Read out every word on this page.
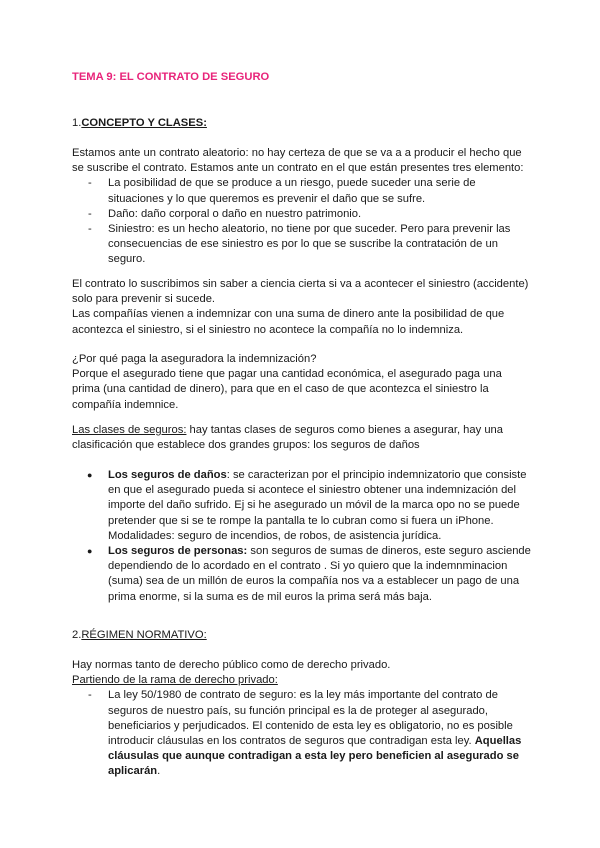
TEMA 9: EL CONTRATO DE SEGURO
1.CONCEPTO Y CLASES:

Estamos ante un contrato aleatorio: no hay certeza de que se va a a producir el hecho que se suscribe el contrato. Estamos ante un contrato en el que están presentes tres elemento:

- La posibilidad de que se produce a un riesgo, puede suceder una serie de situaciones y lo que queremos es prevenir el daño que se sufre.
- Daño: daño corporal o daño en nuestro patrimonio.
- Siniestro: es un hecho aleatorio, no tiene por que suceder. Pero para prevenir las consecuencias de ese siniestro es por lo que se suscribe la contratación de un seguro.

El contrato lo suscribimos sin saber a ciencia cierta si va a acontecer el siniestro (accidente) solo para prevenir si sucede.

Las compañías vienen a indemnizar con una suma de dinero ante la posibilidad de que acontezca el siniestro, si el siniestro no acontece la compañía no lo indemniza.

¿Por qué paga la aseguradora la indemnización?

Porque el asegurado tiene que pagar una cantidad económica, el asegurado paga una prima (una cantidad de dinero), para que en el caso de que acontezca el siniestro la compañía indemnice.

Las clases de seguros: hay tantas clases de seguros como bienes a asegurar, hay una clasificación que establece dos grandes grupos: los seguros de daños

● Los seguros de daños: se caracterizan por el principio indemnizatorio que consiste en que el asegurado pueda si acontece el siniestro obtener una indemnización del importe del daño sufrido. Ej si he asegurado un móvil de la marca opo no se puede pretender que si se te rompe la pantalla te lo cubran como si fuera un iPhone. Modalidades: seguro de incendios, de robos, de asistencia jurídica.
● Los seguros de personas: son seguros de sumas de dineros, este seguro asciende dependiendo de lo acordado en el contrato . Si yo quiero que la indemnminacion (suma) sea de un millón de euros la compañía nos va a establecer un pago de una prima enorme, si la suma es de mil euros la prima será más baja.
2.RÉGIMEN NORMATIVO:

Hay normas tanto de derecho público como de derecho privado.

Partiendo de la rama de derecho privado:

- La ley 50/1980 de contrato de seguro: es la ley más importante del contrato de seguros de nuestro país, su función principal es la de proteger al asegurado, beneficiarios y perjudicados. El contenido de esta ley es obligatorio, no es posible introducir cláusulas en los contratos de seguros que contradigan esta ley. Aquellas cláusulas que aunque contradigan a esta ley pero beneficien al asegurado se aplicarán.
